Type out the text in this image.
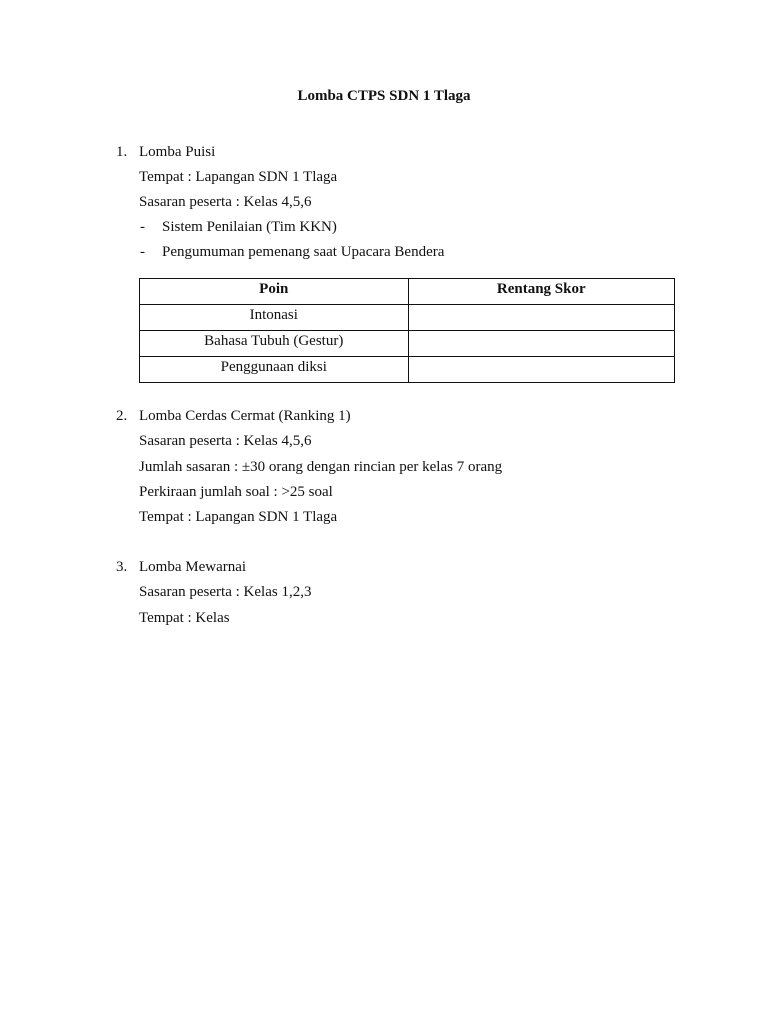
Lomba CTPS SDN 1 Tlaga
1. Lomba Puisi
Tempat : Lapangan SDN 1 Tlaga
Sasaran peserta : Kelas 4,5,6
- Sistem Penilaian (Tim KKN)
- Pengumuman pemenang saat Upacara Bendera
Poin	Rentang Skor
Intonasi	
Bahasa Tubuh (Gestur)	
Penggunaan diksi	
2. Lomba Cerdas Cermat (Ranking 1)
Sasaran peserta : Kelas 4,5,6
Jumlah sasaran : ±30 orang dengan rincian per kelas 7 orang
Perkiraan jumlah soal : >25 soal
Tempat : Lapangan SDN 1 Tlaga
3. Lomba Mewarnai
Sasaran peserta : Kelas 1,2,3
Tempat : Kelas
